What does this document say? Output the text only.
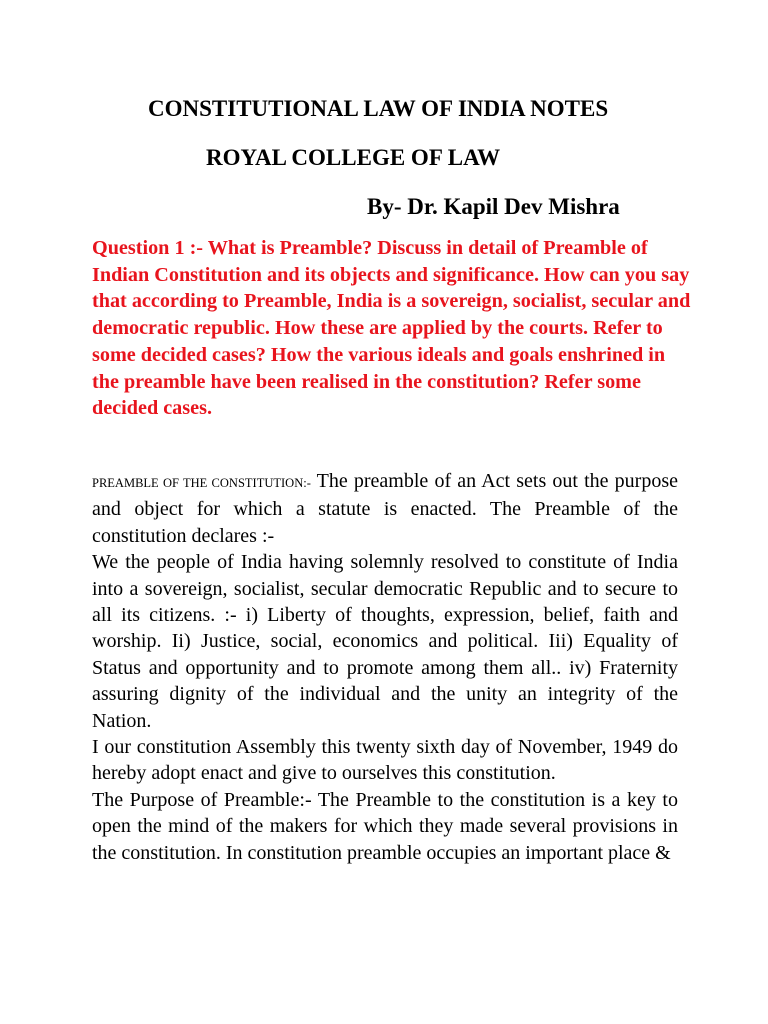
CONSTITUTIONAL LAW OF INDIA NOTES
ROYAL COLLEGE OF LAW
By- Dr. Kapil Dev Mishra

Question 1 :- What is Preamble? Discuss in detail of Preamble of Indian Constitution and its objects and significance. How can you say that according to Preamble, India is a sovereign, socialist, secular and democratic republic. How these are applied by the courts. Refer to some decided cases? How the various ideals and goals enshrined in the preamble have been realised in the constitution? Refer some decided cases.

PREAMBLE OF THE CONSTITUTION:- The preamble of an Act sets out the purpose and object for which a statute is enacted. The Preamble of the constitution declares :-

We the people of India having solemnly resolved to constitute of India into a sovereign, socialist, secular democratic Republic and to secure to all its citizens. :- i) Liberty of thoughts, expression, belief, faith and worship. Ii) Justice, social, economics and political. Iii) Equality of Status and opportunity and to promote among them all.. iv) Fraternity assuring dignity of the individual and the unity an integrity of the Nation.

I our constitution Assembly this twenty sixth day of November, 1949 do hereby adopt enact and give to ourselves this constitution.

The Purpose of Preamble:- The Preamble to the constitution is a key to open the mind of the makers for which they made several provisions in the constitution. In constitution preamble occupies an important place &
